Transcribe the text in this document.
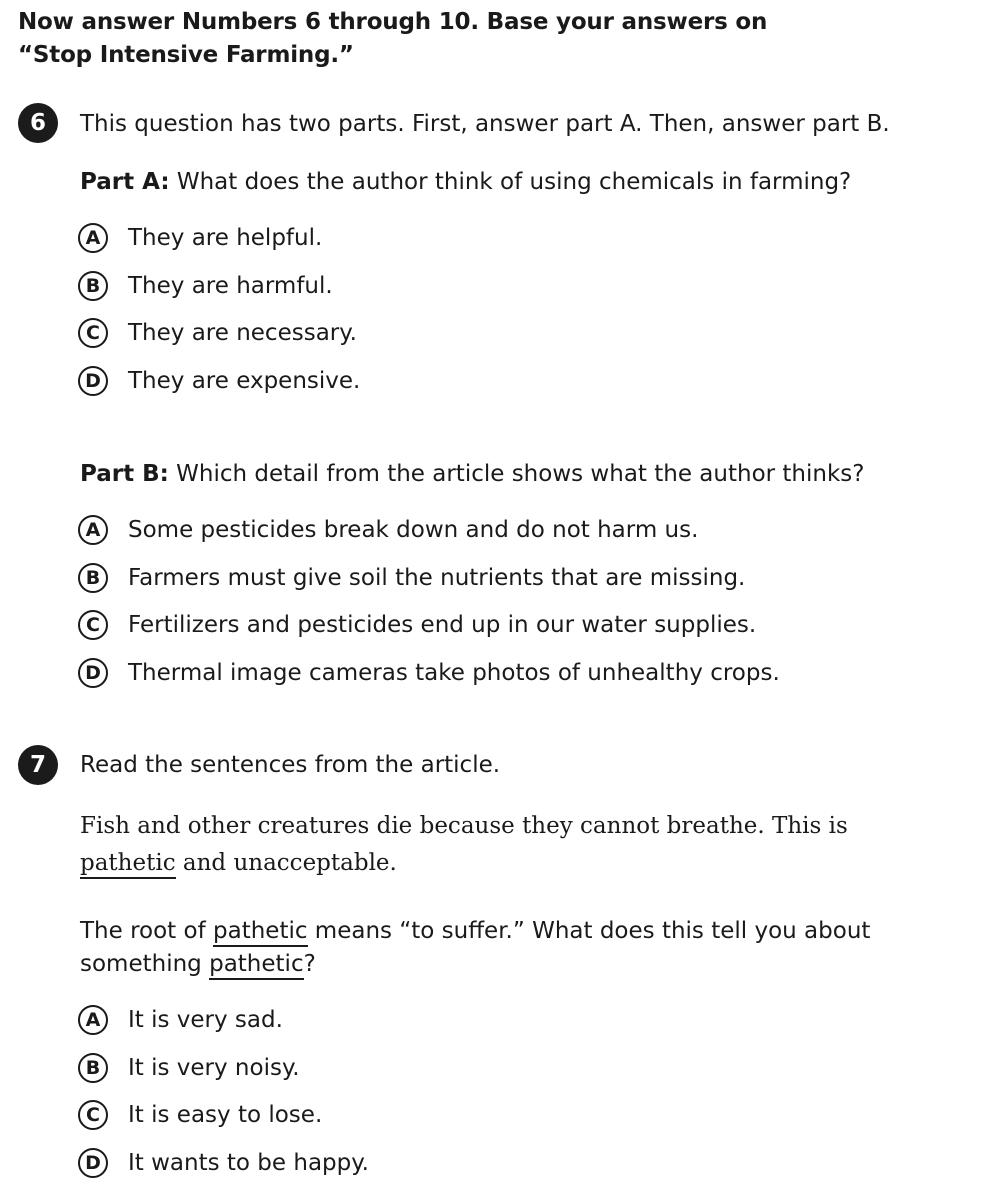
Now answer Numbers 6 through 10. Base your answers on
“Stop Intensive Farming.”

6	This question has two parts. First, answer part A. Then, answer part B.
Part A: What does the author think of using chemicals in farming?
A	They are helpful.
B	They are harmful.
C	They are necessary.
D	They are expensive.
Part B: Which detail from the article shows what the author thinks?
A	Some pesticides break down and do not harm us.
B	Farmers must give soil the nutrients that are missing.
C	Fertilizers and pesticides end up in our water supplies.
D	Thermal image cameras take photos of unhealthy crops.
7	Read the sentences from the article.

Fish and other creatures die because they cannot breathe. This is
pathetic and unacceptable.

The root of pathetic means “to suffer.” What does this tell you about
something pathetic?

A	It is very sad.
B	It is very noisy.
C	It is easy to lose.
D	It wants to be happy.
